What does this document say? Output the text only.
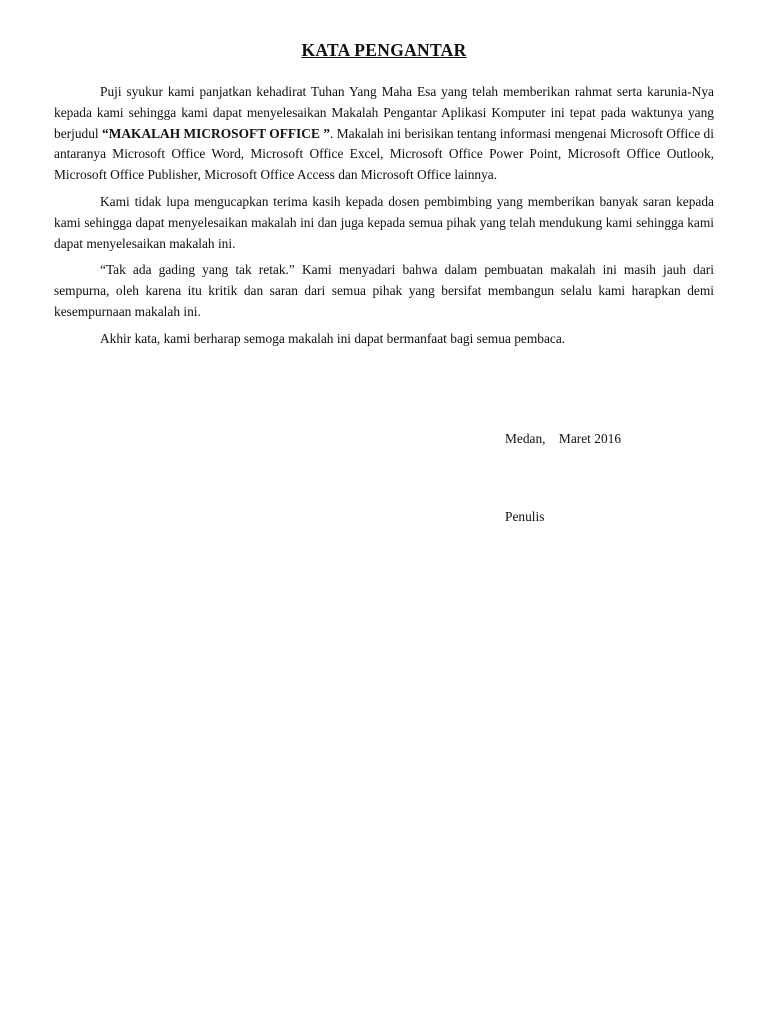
KATA PENGANTAR

Puji syukur kami panjatkan kehadirat Tuhan Yang Maha Esa yang telah memberikan rahmat serta karunia-Nya kepada kami sehingga kami dapat menyelesaikan Makalah Pengantar Aplikasi Komputer ini tepat pada waktunya yang berjudul “MAKALAH MICROSOFT OFFICE ”. Makalah ini berisikan tentang informasi mengenai Microsoft Office di antaranya Microsoft Office Word, Microsoft Office Excel, Microsoft Office Power Point, Microsoft Office Outlook, Microsoft Office Publisher, Microsoft Office Access dan Microsoft Office lainnya.

Kami tidak lupa mengucapkan terima kasih kepada dosen pembimbing yang memberikan banyak saran kepada kami sehingga dapat menyelesaikan makalah ini dan juga kepada semua pihak yang telah mendukung kami sehingga kami dapat menyelesaikan makalah ini.

“Tak ada gading yang tak retak.” Kami menyadari bahwa dalam pembuatan makalah ini masih jauh dari sempurna, oleh karena itu kritik dan saran dari semua pihak yang bersifat membangun selalu kami harapkan demi kesempurnaan makalah ini.

Akhir kata, kami berharap semoga makalah ini dapat bermanfaat bagi semua pembaca.

Medan,    Maret 2016
Penulis
